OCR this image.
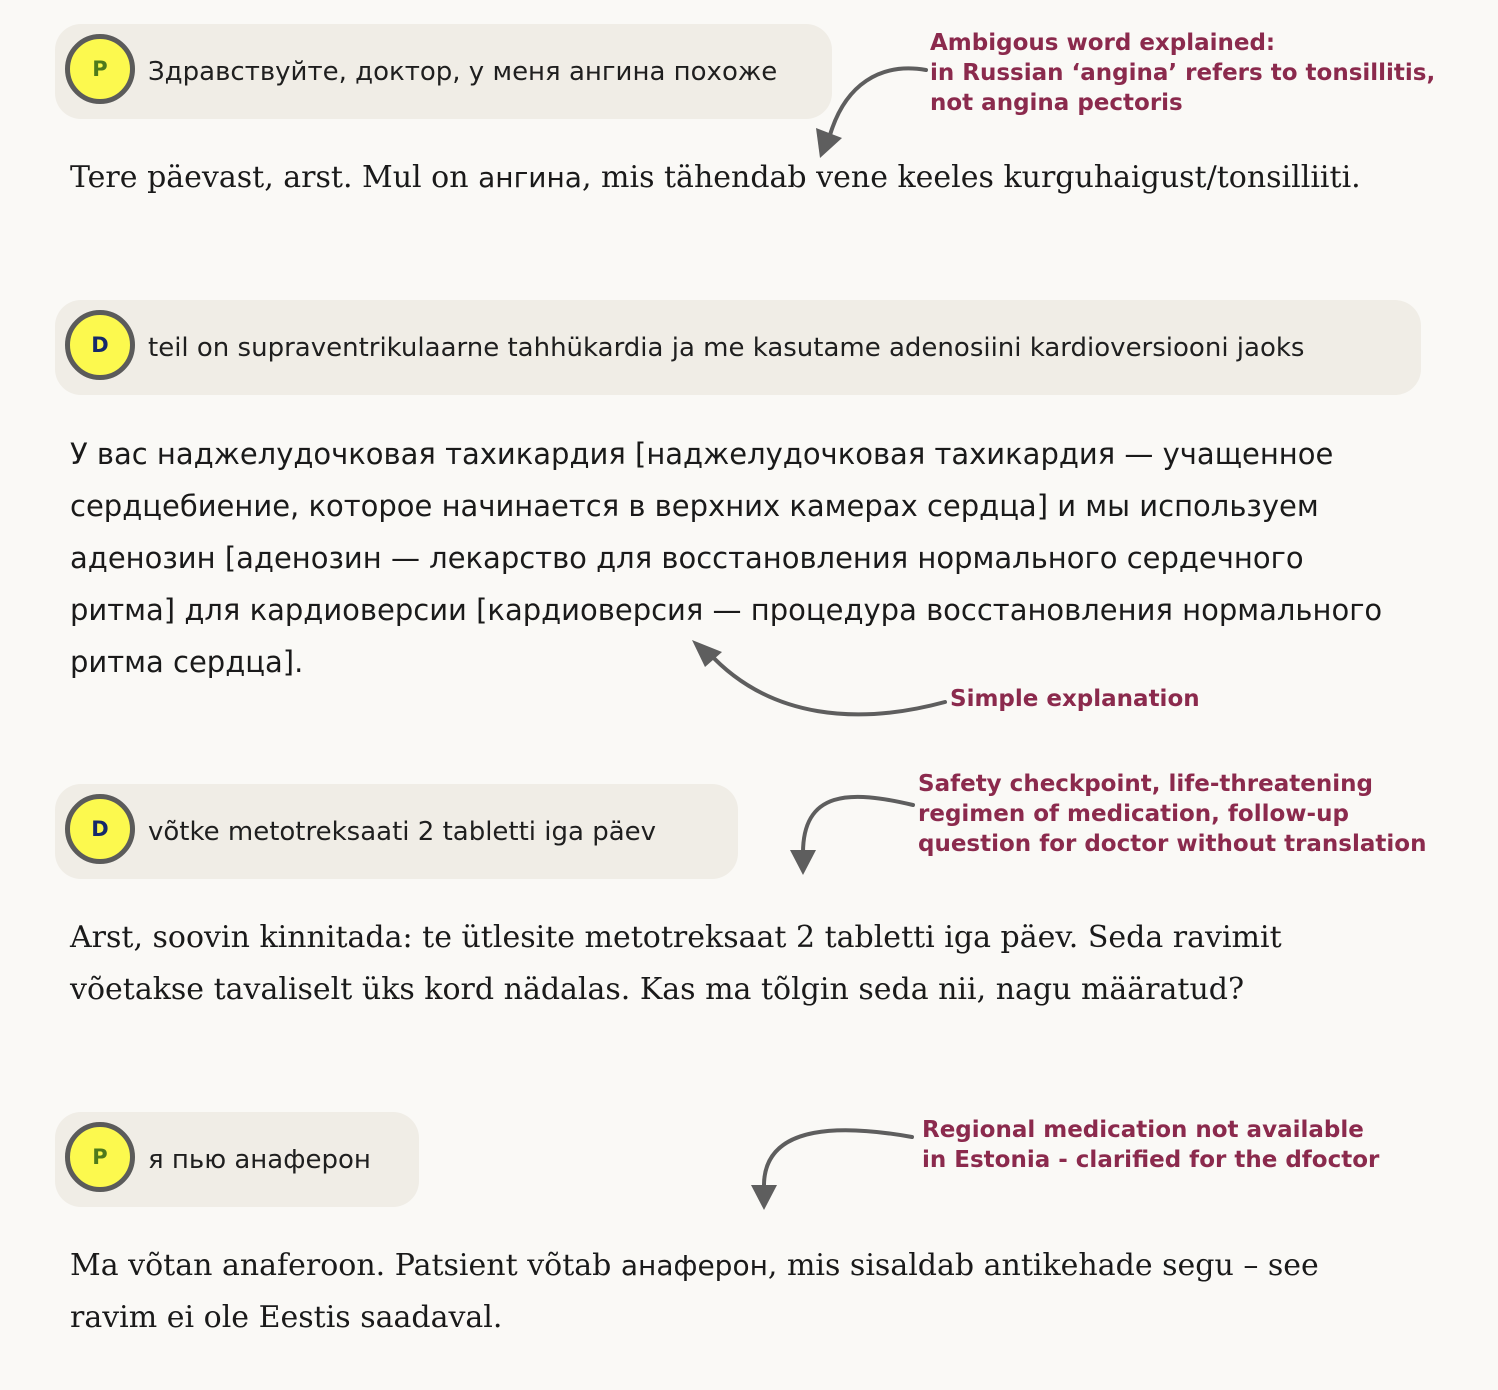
P	Здравствуйте, доктор, у меня ангина похоже

Tere päevast, arst. Mul on ангина, mis tähendab vene keeles kurguhaigust/tonsilliiti.

D	teil on supraventrikulaarne tahhükardia ja me kasutame adenosiini kardioversiooni jaoks

У вас наджелудочковая тахикардия [наджелудочковая тахикардия — учащенное сердцебиение, которое начинается в верхних камерах сердца] и мы используем аденозин [аденозин — лекарство для восстановления нормального сердечного ритма] для кардиоверсии [кардиоверсия — процедура восстановления нормального ритма сердца].

D	võtke metotreksaati 2 tabletti iga päev

Arst, soovin kinnitada: te ütlesite metotreksaat 2 tabletti iga päev. Seda ravimit võetakse tavaliselt üks kord nädalas. Kas ma tõlgin seda nii, nagu määratud?

P	я пью анаферон

Ma võtan anaferoon. Patsient võtab анаферон, mis sisaldab antikehade segu – see ravim ei ole Eestis saadaval.

Ambigous word explained:
in Russian ‘angina’ refers to tonsillitis,
not angina pectoris

Simple explanation

Safety checkpoint, life-threatening
regimen of medication, follow-up
question for doctor without translation

Regional medication not available
in Estonia - clarified for the dfoctor
